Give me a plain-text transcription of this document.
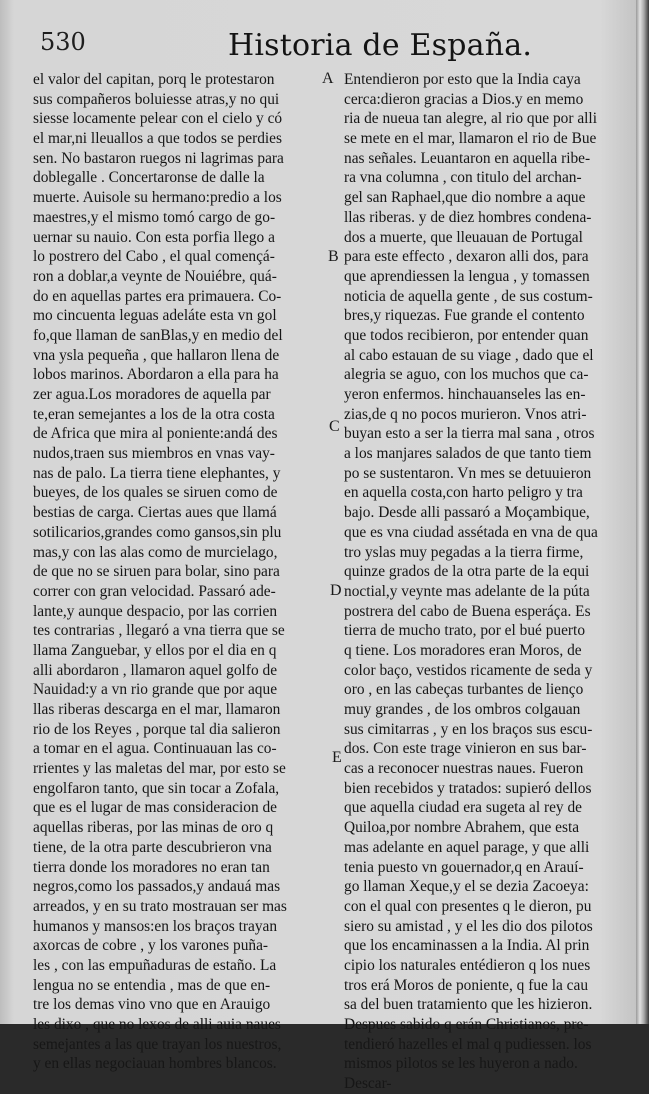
530	Historia de España.
el valor del capitan, porq le protestaron
sus compañeros boluiesse atras,y no qui
siesse locamente pelear con el cielo y có
el mar,ni lleuallos a que todos se perdies
sen. No bastaron ruegos ni lagrimas para
doblegalle . Concertaronse de dalle la
muerte. Auisole su hermano:predio a los
maestres,y el mismo tomó cargo de go-
uernar su nauio. Con esta porfia llego a
lo postrero del Cabo , el qual començá-
ron a doblar,a veynte de Nouiébre, quá-
do en aquellas partes era primauera. Co-
mo cincuenta leguas adeláte esta vn gol
fo,que llaman de sanBlas,y en medio del
vna ysla pequeña , que hallaron llena de
lobos marinos. Abordaron a ella para ha
zer agua.Los moradores de aquella par
te,eran semejantes a los de la otra costa
de Africa que mira al poniente:andá des
nudos,traen sus miembros en vnas vay-
nas de palo. La tierra tiene elephantes, y
bueyes, de los quales se siruen como de
bestias de carga. Ciertas aues que llamá
sotilicarios,grandes como gansos,sin plu
mas,y con las alas como de murcielago,
de que no se siruen para bolar, sino para
correr con gran velocidad. Passaró ade-
lante,y aunque despacio, por las corrien
tes contrarias , llegaró a vna tierra que se
llama Zanguebar, y ellos por el dia en q
alli abordaron , llamaron aquel golfo de
Nauidad:y a vn rio grande que por aque
llas riberas descarga en el mar, llamaron
rio de los Reyes , porque tal dia salieron
a tomar en el agua. Continuauan las co-
rrientes y las maletas del mar, por esto se
engolfaron tanto, que sin tocar a Zofala,
que es el lugar de mas consideracion de
aquellas riberas, por las minas de oro q
tiene, de la otra parte descubrieron vna
tierra donde los moradores no eran tan
negros,como los passados,y andauá mas
arreados, y en su trato mostrauan ser mas
humanos y mansos:en los braços trayan
axorcas de cobre , y los varones puña-
les , con las empuñaduras de estaño. La
lengua no se entendia , mas de que en-
tre los demas vino vno que en Arauigo
les dixo , que no lexos de alli auia naues
semejantes a las que trayan los nuestros,
y en ellas negociauan hombres blancos.
Entendieron por esto que la India caya
cerca:dieron gracias a Dios.y en memo
ria de nueua tan alegre, al rio que por alli
se mete en el mar, llamaron el rio de Bue
nas señales. Leuantaron en aquella ribe-
ra vna columna , con titulo del archan-
gel san Raphael,que dio nombre a aque
llas riberas. y de diez hombres condena-
dos a muerte, que lleuauan de Portugal
para este effecto , dexaron alli dos, para
que aprendiessen la lengua , y tomassen
noticia de aquella gente , de sus costum-
bres,y riquezas. Fue grande el contento
que todos recibieron, por entender quan
al cabo estauan de su viage , dado que el
alegria se aguo, con los muchos que ca-
yeron enfermos. hinchauanseles las en-
zias,de q no pocos murieron. Vnos atri-
buyan esto a ser la tierra mal sana , otros
a los manjares salados de que tanto tiem
po se sustentaron. Vn mes se detuuieron
en aquella costa,con harto peligro y tra
bajo. Desde alli passaró a Moçambique,
que es vna ciudad assétada en vna de qua
tro yslas muy pegadas a la tierra firme,
quinze grados de la otra parte de la equi
noctial,y veynte mas adelante de la púta
postrera del cabo de Buena esperáça. Es
tierra de mucho trato, por el bué puerto
q tiene. Los moradores eran Moros, de
color baço, vestidos ricamente de seda y
oro , en las cabeças turbantes de lienço
muy grandes , de los ombros colgauan
sus cimitarras , y en los braços sus escu-
dos. Con este trage vinieron en sus bar-
cas a reconocer nuestras naues. Fueron
bien recebidos y tratados: supieró dellos
que aquella ciudad era sugeta al rey de
Quiloa,por nombre Abrahem, que esta
mas adelante en aquel parage, y que alli
tenia puesto vn gouernador,q en Arauí-
go llaman Xeque,y el se dezia Zacoeya:
con el qual con presentes q le dieron, pu
siero su amistad , y el les dio dos pilotos
que los encaminassen a la India. Al prin
cipio los naturales entédieron q los nues
tros erá Moros de poniente, q fue la cau
sa del buen tratamiento que les hizieron.
Despues sabido q erán Christianos, pre-
tendieró hazelles el mal q pudiessen. los
mismos pilotos se les huyeron a nado.
Descar-
A
B
C
D
E
